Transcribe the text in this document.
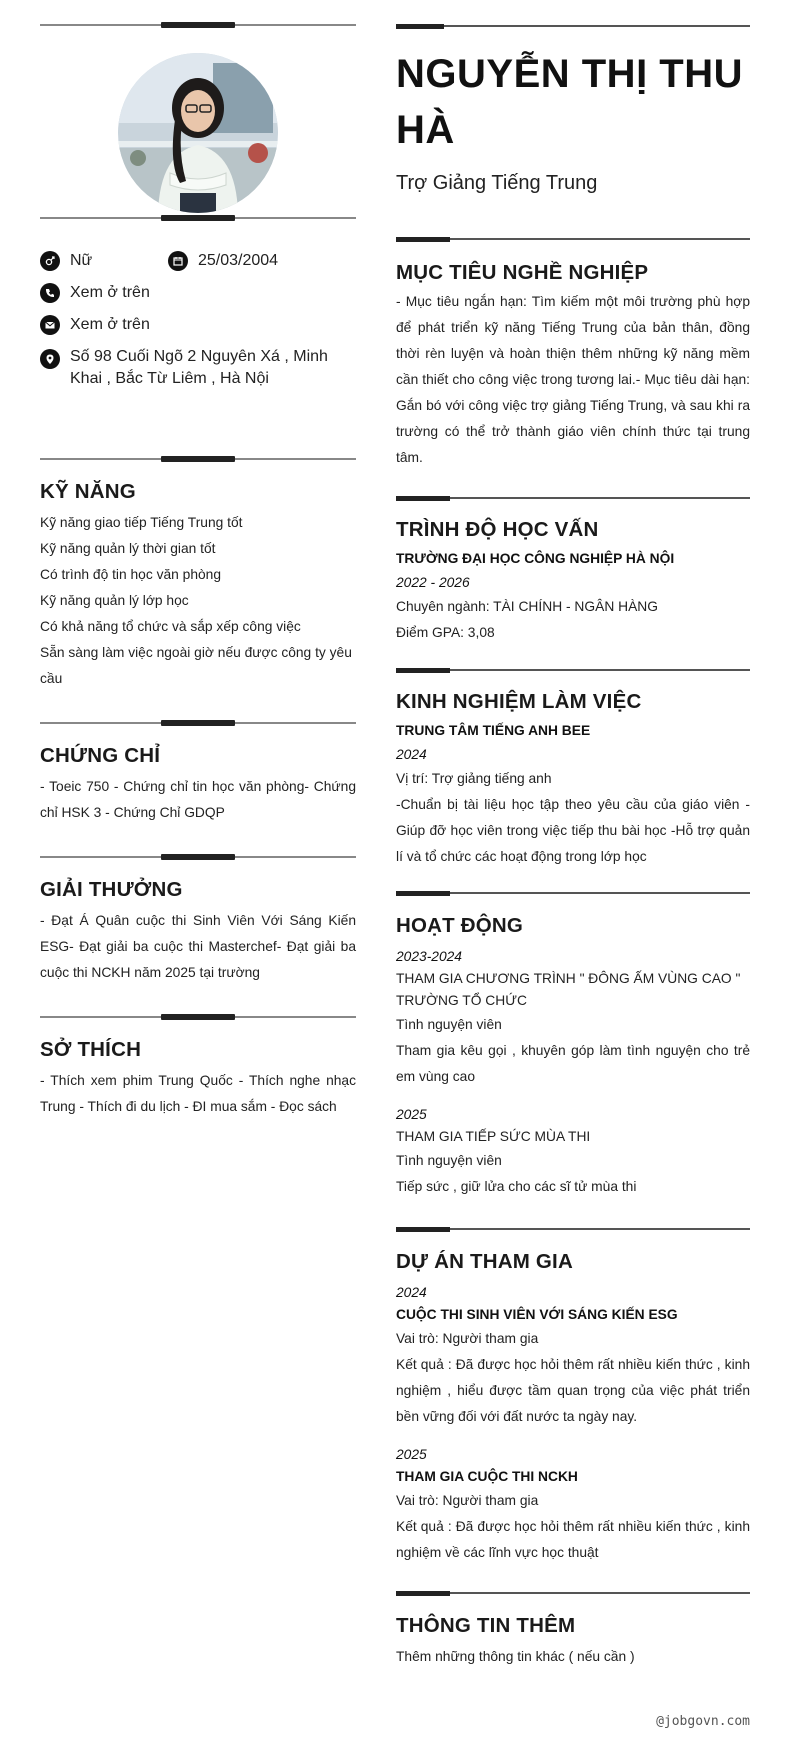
Nữ	25/03/2004
Xem ở trên
Xem ở trên
Số 98 Cuối Ngõ 2 Nguyên Xá , Minh Khai , Bắc Từ Liêm , Hà Nội
KỸ NĂNG
Kỹ năng giao tiếp Tiếng Trung tốt
Kỹ năng quản lý thời gian tốt
Có trình độ tin học văn phòng
Kỹ năng quản lý lớp học
Có khả năng tổ chức và sắp xếp công việc
Sẵn sàng làm việc ngoài giờ nếu được công ty yêu cầu
CHỨNG CHỈ
- Toeic 750 - Chứng chỉ tin học văn phòng- Chứng chỉ HSK 3 - Chứng Chỉ GDQP
GIẢI THƯỞNG
- Đạt Á Quân cuộc thi Sinh Viên Với Sáng Kiến ESG- Đạt giải ba cuộc thi Masterchef- Đạt giải ba cuộc thi NCKH năm 2025 tại trường
SỞ THÍCH
- Thích xem phim Trung Quốc - Thích nghe nhạc Trung - Thích đi du lịch - ĐI mua sắm - Đọc sách
NGUYỄN THỊ THU HÀ
Trợ Giảng Tiếng Trung
MỤC TIÊU NGHỀ NGHIỆP
- Mục tiêu ngắn hạn: Tìm kiếm một môi trường phù hợp để phát triển kỹ năng Tiếng Trung của bản thân, đồng thời rèn luyện và hoàn thiện thêm những kỹ năng mềm cần thiết cho công việc trong tương lai.- Mục tiêu dài hạn: Gắn bó với công việc trợ giảng Tiếng Trung, và sau khi ra trường có thể trở thành giáo viên chính thức tại trung tâm.
TRÌNH ĐỘ HỌC VẤN
TRƯỜNG ĐẠI HỌC CÔNG NGHIỆP HÀ NỘI
2022 - 2026
Chuyên ngành: TÀI CHÍNH - NGÂN HÀNG
Điểm GPA: 3,08
KINH NGHIỆM LÀM VIỆC
TRUNG TÂM TIẾNG ANH BEE
2024
Vị trí: Trợ giảng tiếng anh
-Chuẩn bị tài liệu học tập theo yêu cầu của giáo viên -Giúp đỡ học viên trong việc tiếp thu bài học -Hỗ trợ quản lí và tổ chức các hoạt động trong lớp học
HOẠT ĐỘNG
2023-2024
THAM GIA CHƯƠNG TRÌNH " ĐÔNG ẤM VÙNG CAO " TRƯỜNG TỔ CHỨC
Tình nguyện viên
Tham gia kêu gọi , khuyên góp làm tình nguyện cho trẻ em vùng cao
2025
THAM GIA TIẾP SỨC MÙA THI
Tình nguyện viên
Tiếp sức , giữ lửa cho các sĩ tử mùa thi
DỰ ÁN THAM GIA
2024
CUỘC THI SINH VIÊN VỚI SÁNG KIẾN ESG
Vai trò: Người tham gia
Kết quả : Đã được học hỏi thêm rất nhiều kiến thức , kinh nghiệm , hiểu được tầm quan trọng của việc phát triển bền vững đối với đất nước ta ngày nay.
2025
THAM GIA CUỘC THI NCKH
Vai trò: Người tham gia
Kết quả : Đã được học hỏi thêm rất nhiều kiến thức , kinh nghiệm về các lĩnh vực học thuật
THÔNG TIN THÊM
Thêm những thông tin khác ( nếu cần )
@jobgovn.com
